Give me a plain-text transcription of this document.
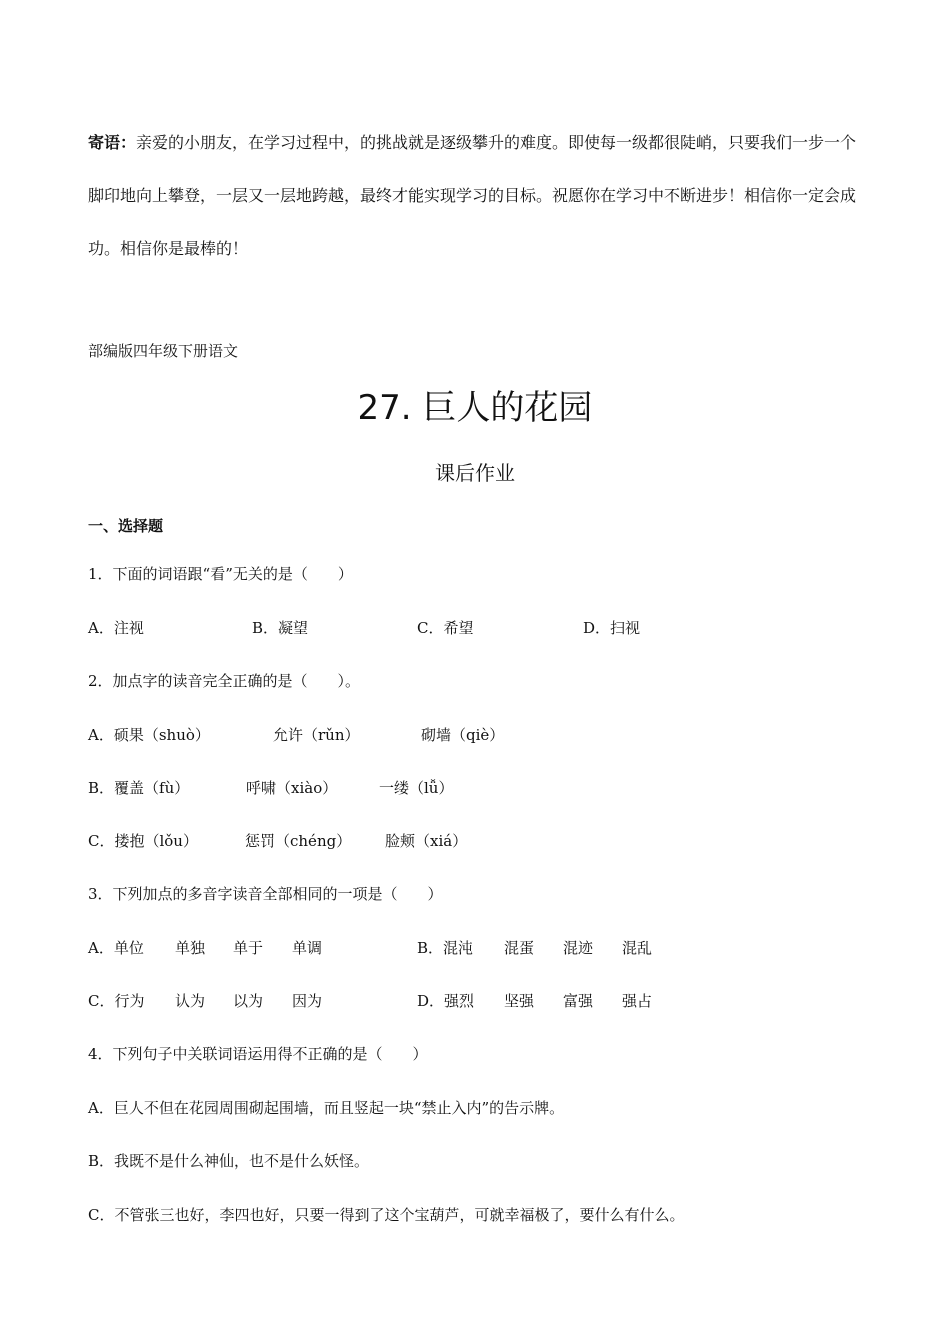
寄语：亲爱的小朋友，在学习过程中，的挑战就是逐级攀升的难度。即使每一级都很陡峭，只要我们一步一个脚印地向上攀登，一层又一层地跨越，最终才能实现学习的目标。祝愿你在学习中不断进步！相信你一定会成功。相信你是最棒的！
部编版四年级下册语文
27. 巨人的花园
课后作业
一、选择题
1．下面的词语跟“看”无关的是（　　）
A．注视	B．凝望	C．希望	D．扫视
2．加点字的读音完全正确的是（　　）。
A．硕果（shuò）	允许（rǔn）	砌墙（qiè）
B．覆盖（fù）	呼啸（xiào）	一缕（lǚ）
C．搂抱（lǒu）	惩罚（chéng） 脸颊（xiá）
3．下列加点的多音字读音全部相同的一项是（　　）
A．单位 单独 单于 单调	B．混沌 混蛋 混迹 混乱
C．行为 认为 以为 因为	D．强烈 坚强 富强 强占
4．下列句子中关联词语运用得不正确的是（　　）
A．巨人不但在花园周围砌起围墙，而且竖起一块“禁止入内”的告示牌。
B．我既不是什么神仙，也不是什么妖怪。
C．不管张三也好，李四也好，只要一得到了这个宝葫芦，可就幸福极了，要什么有什么。
